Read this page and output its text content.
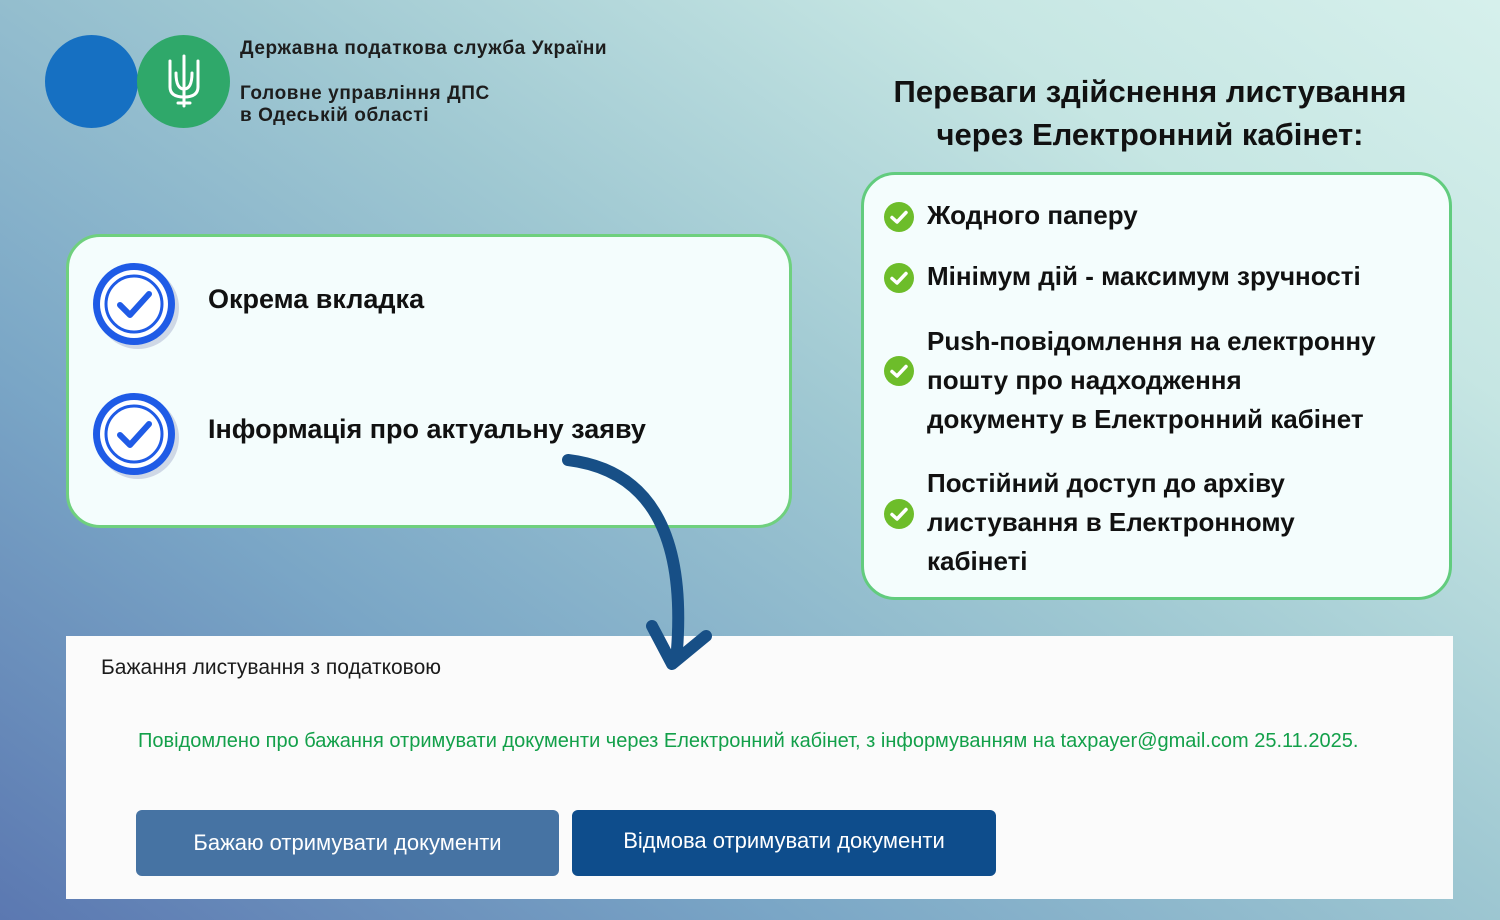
Державна податкова служба України
Головне управління ДПС
в Одеській області
Переваги здійснення листування
через Електронний кабінет:
Окрема вкладка
Інформація про актуальну заяву
Жодного паперу
Мінімум дій - максимум зручності
Push-повідомлення на електронну
пошту про надходження
документу в Електронний кабінет
Постійний доступ до архіву
листування в Електронному
кабінеті
Бажання листування з податковою
Повідомлено про бажання отримувати документи через Електронний кабінет, з інформуванням на taxpayer@gmail.com 25.11.2025.
Бажаю отримувати документи	Відмова отримувати документи
